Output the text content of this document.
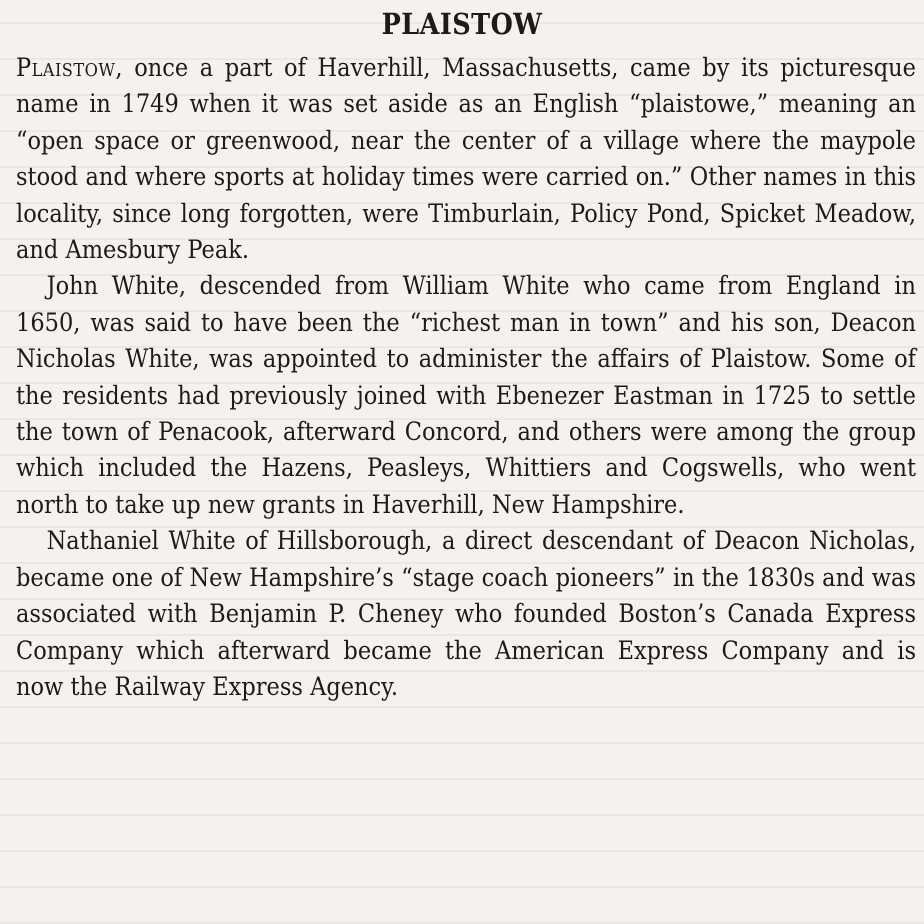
PLAISTOW

Plaistow, once a part of Haverhill, Massachusetts, came by its picturesque name in 1749 when it was set aside as an English “plaistowe,” meaning an “open space or greenwood, near the center of a village where the maypole stood and where sports at holiday times were carried on.” Other names in this locality, since long forgotten, were Timburlain, Policy Pond, Spicket Meadow, and Amesbury Peak.

John White, descended from William White who came from England in 1650, was said to have been the “richest man in town” and his son, Deacon Nicholas White, was appointed to administer the affairs of Plaistow. Some of the residents had previously joined with Ebenezer Eastman in 1725 to settle the town of Penacook, afterward Concord, and others were among the group which included the Hazens, Peasleys, Whittiers and Cogswells, who went north to take up new grants in Haverhill, New Hampshire.

Nathaniel White of Hillsborough, a direct descendant of Deacon Nicholas, became one of New Hampshire’s “stage coach pioneers” in the 1830s and was associated with Benjamin P. Cheney who founded Boston’s Canada Express Company which afterward became the American Express Company and is now the Railway Express Agency.
